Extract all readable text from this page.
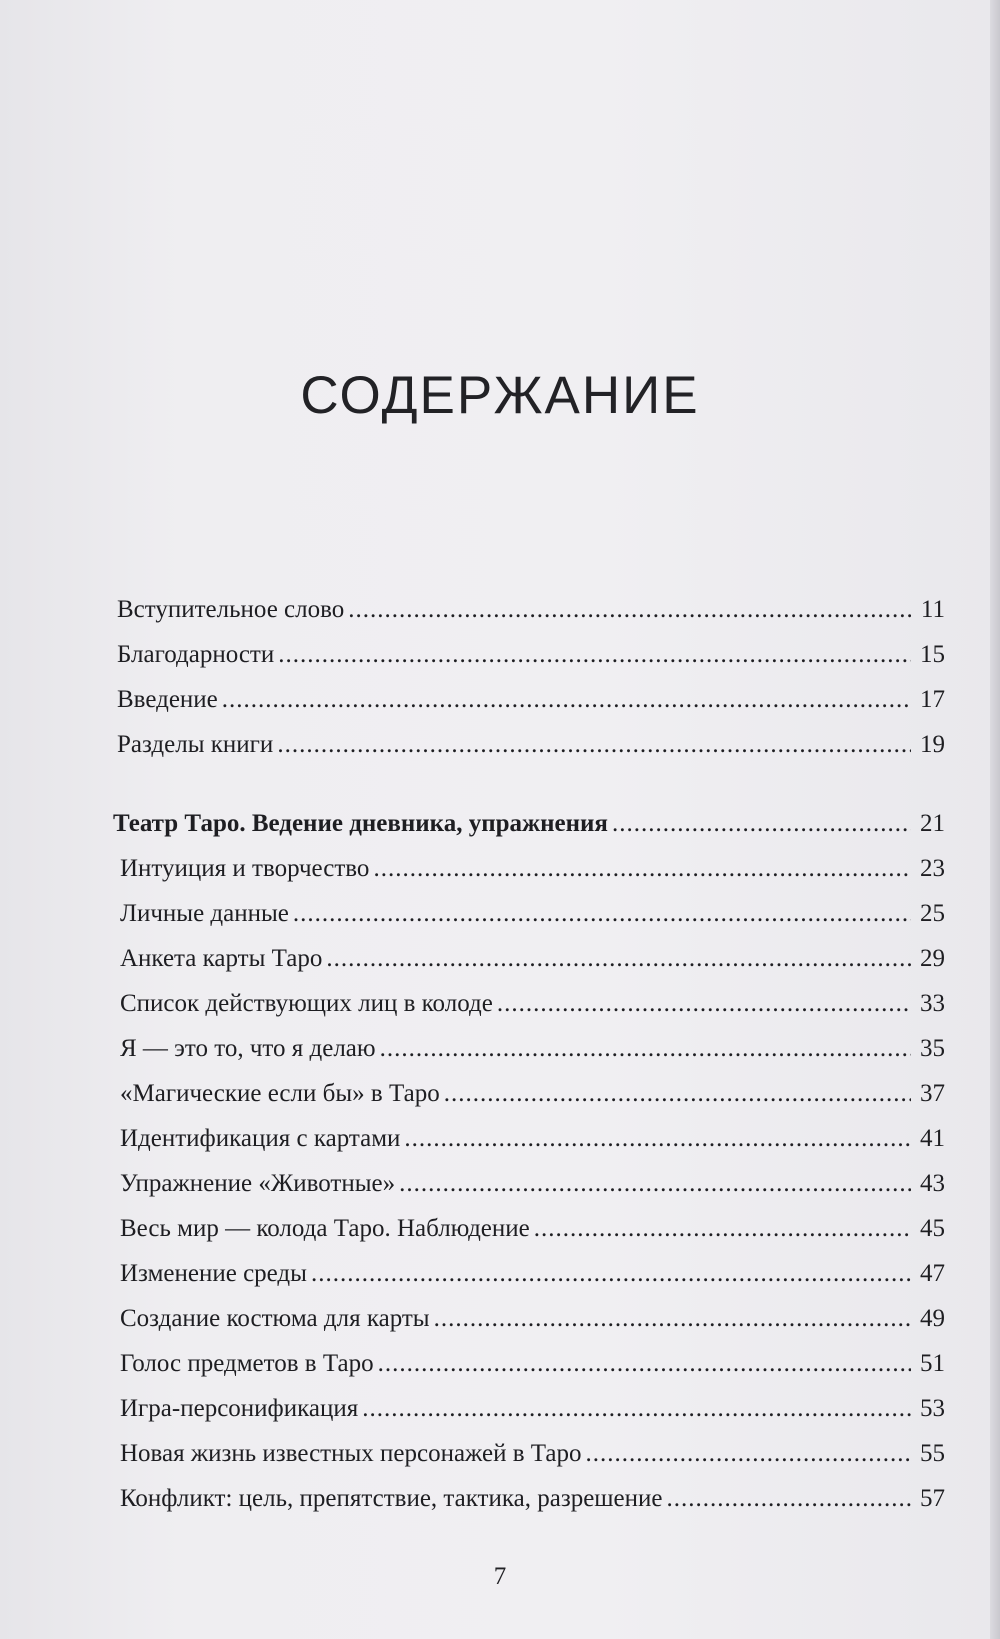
СОДЕРЖАНИЕ
Вступительное слово .....	11
Благодарности .....	15
Введение .....	17
Разделы книги .....	19
Театр Таро. Ведение дневника, упражнения .....	21
Интуиция и творчество .....	23
Личные данные .....	25
Анкета карты Таро .....	29
Список действующих лиц в колоде .....	33
Я — это то, что я делаю .....	35
«Магические если бы» в Таро .....	37
Идентификация с картами .....	41
Упражнение «Животные» .....	43
Весь мир — колода Таро. Наблюдение .....	45
Изменение среды .....	47
Создание костюма для карты .....	49
Голос предметов в Таро .....	51
Игра-персонификация .....	53
Новая жизнь известных персонажей в Таро .....	55
Конфликт: цель, препятствие, тактика, разрешение .....	57
7
